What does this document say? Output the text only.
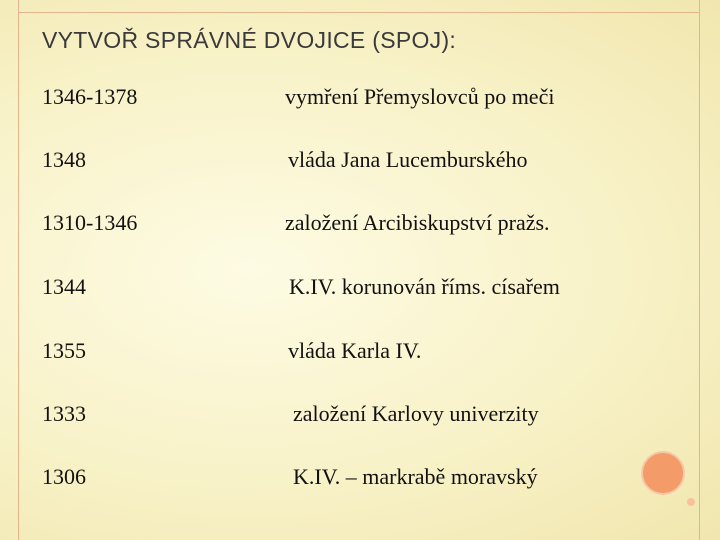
VYTVOŘ SPRÁVNÉ DVOJICE (SPOJ):
1346-1378	vymření Přemyslovců po meči
1348	vláda Jana Lucemburského
1310-1346	založení Arcibiskupství pražs.
1344	K.IV. korunován říms. císařem
1355	vláda Karla IV.
1333	založení Karlovy univerzity
1306	K.IV. – markrabě moravský
